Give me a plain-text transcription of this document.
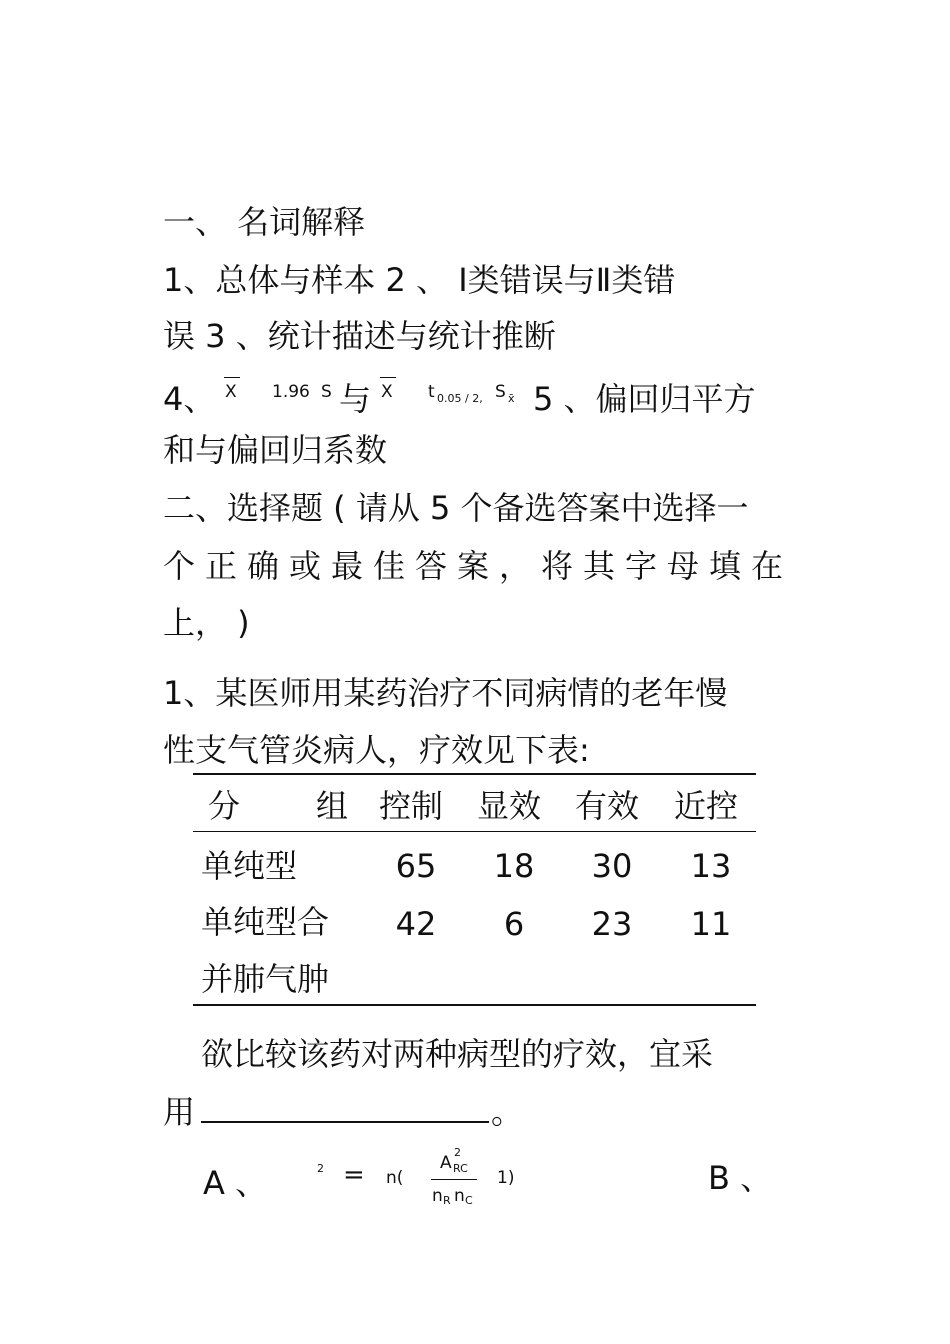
一、 名词解释
1、总体与样本 2 、 Ⅰ类错误与Ⅱ类错
误 3 、统计描述与统计推断
4、 X 1.96 S 与 X t 0.05 / 2, S x̄ 5 、偏回归平方
和与偏回归系数
二、选择题 ( 请从 5 个备选答案中选择一
个正确或最佳答案，将其字母填在
上， )
1、某医师用某药治疗不同病情的老年慢
性支气管炎病人，疗效见下表:
分 组 控制 显效 有效 近控
单纯型	65	18	30	13
单纯型合
并肺气肿
42	6	23	11
欲比较该药对两种病型的疗效，宜采
用	。
A 、	2 = n(
A
2
RC
n R n C
1)	B 、
